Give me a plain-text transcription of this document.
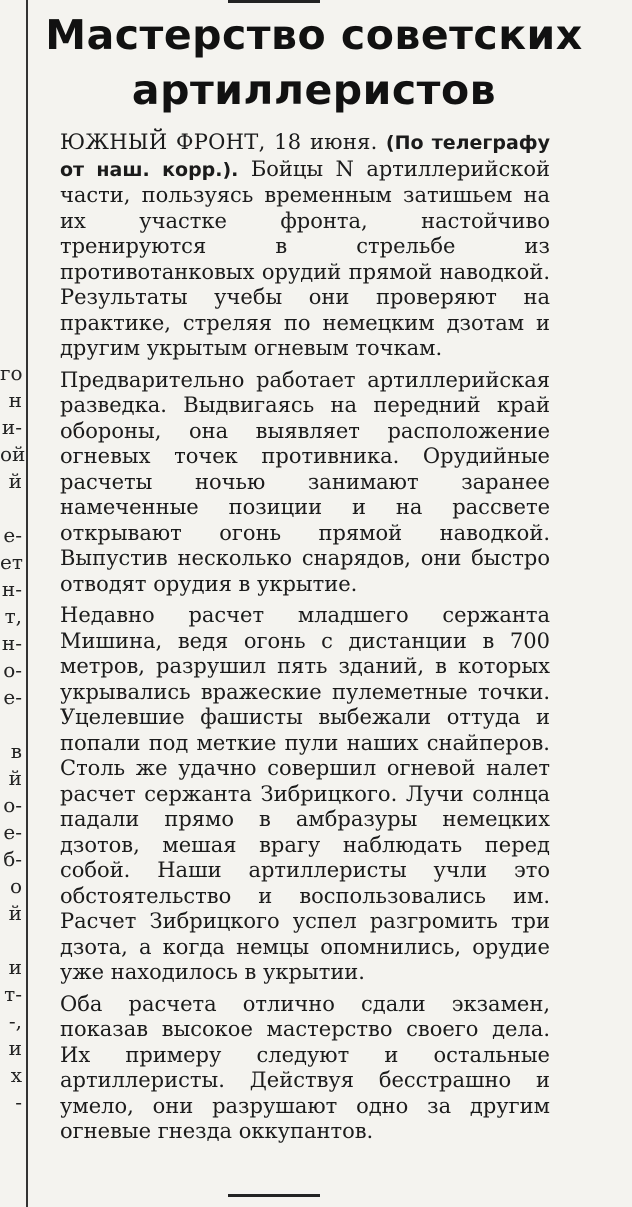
го
н
и-
ой
й
е-
ет
н-
т,
н-
о-
е-
в
й
о-
е-
б-
о
й
и
т-
-,
и
х
-
Мастерство советских артиллеристов

ЮЖНЫЙ ФРОНТ, 18 июня. (По телеграфу от наш. корр.). Бойцы N артиллерийской части, пользуясь временным затишьем на их участке фронта, настойчиво тренируются в стрельбе из противотанковых орудий прямой наводкой. Результаты учебы они проверяют на практике, стреляя по немецким дзотам и другим укрытым огневым точкам.

Предварительно работает артиллерийская разведка. Выдвигаясь на передний край обороны, она выявляет расположение огневых точек противника. Орудийные расчеты ночью занимают заранее намеченные позиции и на рассвете открывают огонь прямой наводкой. Выпустив несколько снарядов, они быстро отводят орудия в укрытие.

Недавно расчет младшего сержанта Мишина, ведя огонь с дистанции в 700 метров, разрушил пять зданий, в которых укрывались вражеские пулеметные точки. Уцелевшие фашисты выбежали оттуда и попали под меткие пули наших снайперов. Столь же удачно совершил огневой налет расчет сержанта Зибрицкого. Лучи солнца падали прямо в амбразуры немецких дзотов, мешая врагу наблюдать перед собой. Наши артиллеристы учли это обстоятельство и воспользовались им. Расчет Зибрицкого успел разгромить три дзота, а когда немцы опомнились, орудие уже находилось в укрытии.

Оба расчета отлично сдали экзамен, показав высокое мастерство своего дела. Их примеру следуют и остальные артиллеристы. Действуя бесстрашно и умело, они разрушают одно за другим огневые гнезда оккупантов.
